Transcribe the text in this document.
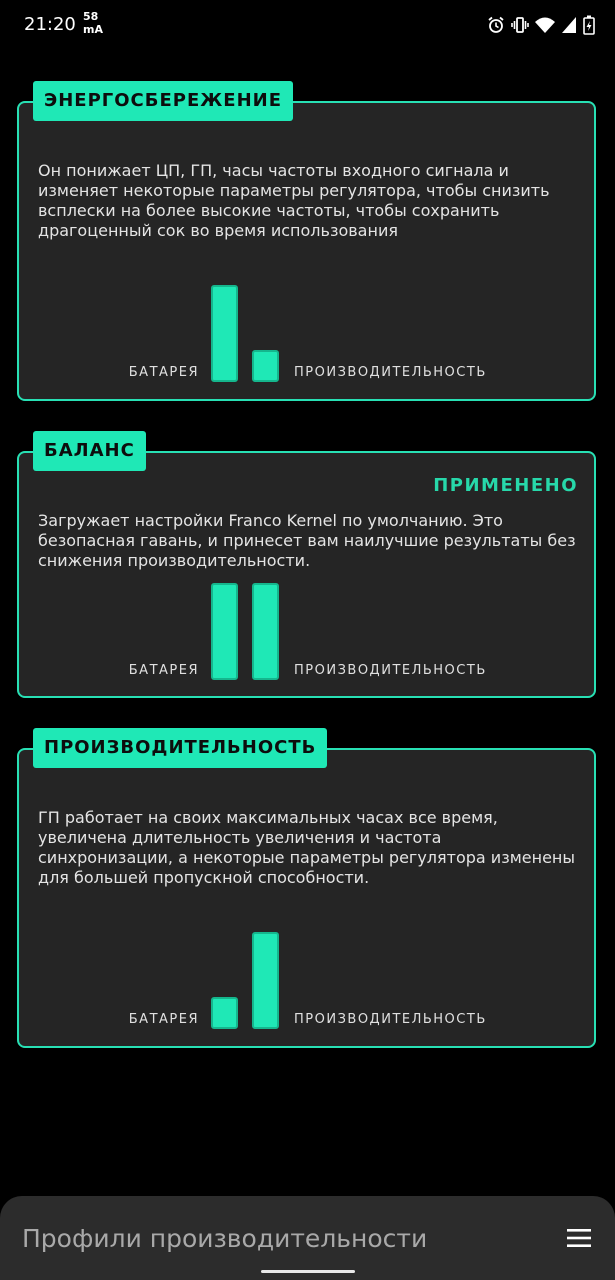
21:20 58
mA
ЭНЕРГОСБЕРЕЖЕНИЕ

Он понижает ЦП, ГП, часы частоты входного сигнала и изменяет некоторые параметры регулятора, чтобы снизить всплески на более высокие частоты, чтобы сохранить драгоценный сок во время использования

БАТАРЕЯ	ПРОИЗВОДИТЕЛЬНОСТЬ
БАЛАНС
ПРИМЕНЕНО

Загружает настройки Franco Kernel по умолчанию. Это безопасная гавань, и принесет вам наилучшие результаты без снижения производительности.

БАТАРЕЯ	ПРОИЗВОДИТЕЛЬНОСТЬ
ПРОИЗВОДИТЕЛЬНОСТЬ

ГП работает на своих максимальных часах все время, увеличена длительность увеличения и частота синхронизации, а некоторые параметры регулятора изменены для большей пропускной способности.

БАТАРЕЯ	ПРОИЗВОДИТЕЛЬНОСТЬ
Профили производительности
